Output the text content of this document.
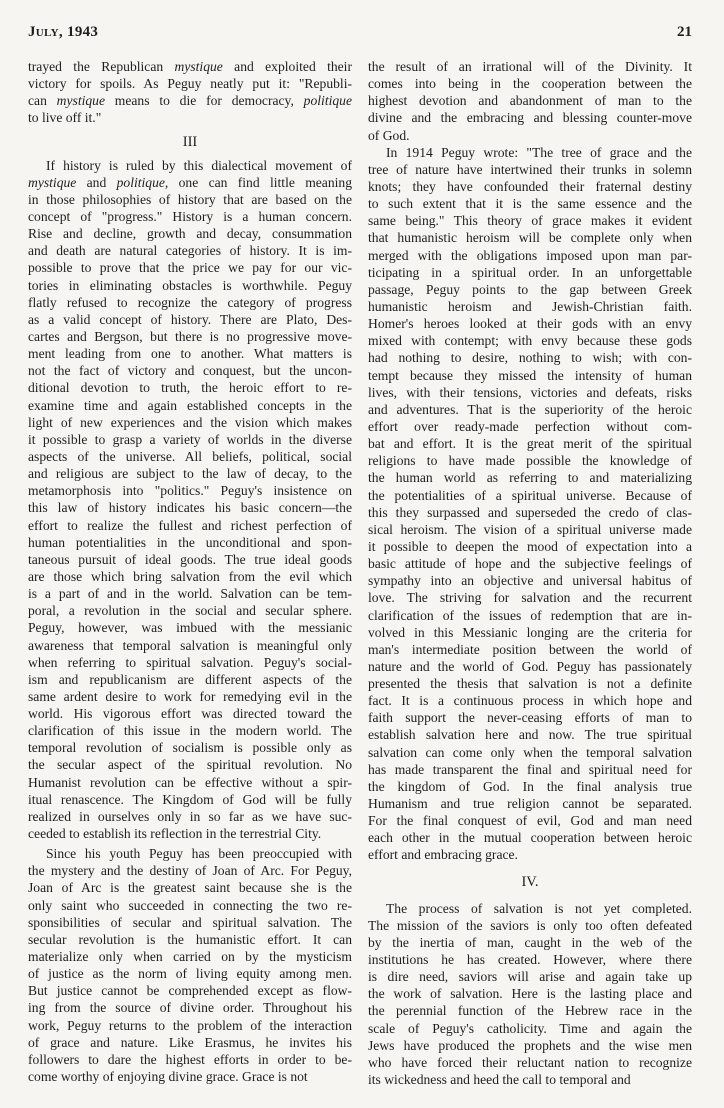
July, 1943	21
trayed the Republican mystique and exploited their
victory for spoils. As Peguy neatly put it: "Republi-
can mystique means to die for democracy, politique
to live off it."
III
If history is ruled by this dialectical movement of
mystique and politique, one can find little meaning
in those philosophies of history that are based on the
concept of "progress." History is a human concern.
Rise and decline, growth and decay, consummation
and death are natural categories of history. It is im-
possible to prove that the price we pay for our vic-
tories in eliminating obstacles is worthwhile. Peguy
flatly refused to recognize the category of progress
as a valid concept of history. There are Plato, Des-
cartes and Bergson, but there is no progressive move-
ment leading from one to another. What matters is
not the fact of victory and conquest, but the uncon-
ditional devotion to truth, the heroic effort to re-
examine time and again established concepts in the
light of new experiences and the vision which makes
it possible to grasp a variety of worlds in the diverse
aspects of the universe. All beliefs, political, social
and religious are subject to the law of decay, to the
metamorphosis into "politics." Peguy's insistence on
this law of history indicates his basic concern—the
effort to realize the fullest and richest perfection of
human potentialities in the unconditional and spon-
taneous pursuit of ideal goods. The true ideal goods
are those which bring salvation from the evil which
is a part of and in the world. Salvation can be tem-
poral, a revolution in the social and secular sphere.
Peguy, however, was imbued with the messianic
awareness that temporal salvation is meaningful only
when referring to spiritual salvation. Peguy's social-
ism and republicanism are different aspects of the
same ardent desire to work for remedying evil in the
world. His vigorous effort was directed toward the
clarification of this issue in the modern world. The
temporal revolution of socialism is possible only as
the secular aspect of the spiritual revolution. No
Humanist revolution can be effective without a spir-
itual renascence. The Kingdom of God will be fully
realized in ourselves only in so far as we have suc-
ceeded to establish its reflection in the terrestrial City.
Since his youth Peguy has been preoccupied with
the mystery and the destiny of Joan of Arc. For Peguy,
Joan of Arc is the greatest saint because she is the
only saint who succeeded in connecting the two re-
sponsibilities of secular and spiritual salvation. The
secular revolution is the humanistic effort. It can
materialize only when carried on by the mysticism
of justice as the norm of living equity among men.
But justice cannot be comprehended except as flow-
ing from the source of divine order. Throughout his
work, Peguy returns to the problem of the interaction
of grace and nature. Like Erasmus, he invites his
followers to dare the highest efforts in order to be-
come worthy of enjoying divine grace. Grace is not
the result of an irrational will of the Divinity. It
comes into being in the cooperation between the
highest devotion and abandonment of man to the
divine and the embracing and blessing counter-move
of God.
In 1914 Peguy wrote: "The tree of grace and the
tree of nature have intertwined their trunks in solemn
knots; they have confounded their fraternal destiny
to such extent that it is the same essence and the
same being." This theory of grace makes it evident
that humanistic heroism will be complete only when
merged with the obligations imposed upon man par-
ticipating in a spiritual order. In an unforgettable
passage, Peguy points to the gap between Greek
humanistic heroism and Jewish-Christian faith.
Homer's heroes looked at their gods with an envy
mixed with contempt; with envy because these gods
had nothing to desire, nothing to wish; with con-
tempt because they missed the intensity of human
lives, with their tensions, victories and defeats, risks
and adventures. That is the superiority of the heroic
effort over ready-made perfection without com-
bat and effort. It is the great merit of the spiritual
religions to have made possible the knowledge of
the human world as referring to and materializing
the potentialities of a spiritual universe. Because of
this they surpassed and superseded the credo of clas-
sical heroism. The vision of a spiritual universe made
it possible to deepen the mood of expectation into a
basic attitude of hope and the subjective feelings of
sympathy into an objective and universal habitus of
love. The striving for salvation and the recurrent
clarification of the issues of redemption that are in-
volved in this Messianic longing are the criteria for
man's intermediate position between the world of
nature and the world of God. Peguy has passionately
presented the thesis that salvation is not a definite
fact. It is a continuous process in which hope and
faith support the never-ceasing efforts of man to
establish salvation here and now. The true spiritual
salvation can come only when the temporal salvation
has made transparent the final and spiritual need for
the kingdom of God. In the final analysis true
Humanism and true religion cannot be separated.
For the final conquest of evil, God and man need
each other in the mutual cooperation between heroic
effort and embracing grace.
IV.
The process of salvation is not yet completed.
The mission of the saviors is only too often defeated
by the inertia of man, caught in the web of the
institutions he has created. However, where there
is dire need, saviors will arise and again take up
the work of salvation. Here is the lasting place and
the perennial function of the Hebrew race in the
scale of Peguy's catholicity. Time and again the
Jews have produced the prophets and the wise men
who have forced their reluctant nation to recognize
its wickedness and heed the call to temporal and
